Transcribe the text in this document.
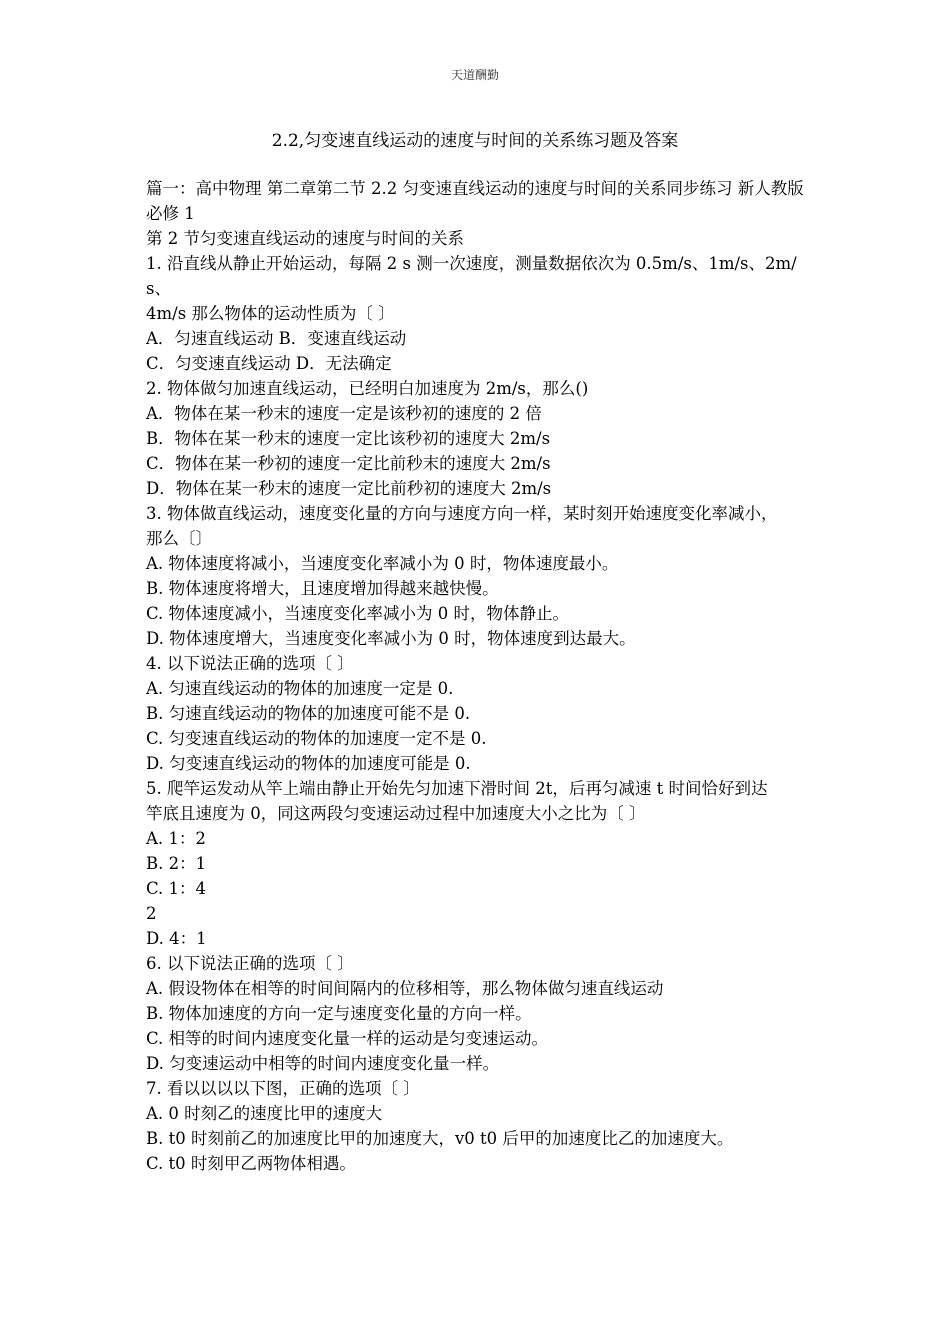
天道酬勤
2.2,匀变速直线运动的速度与时间的关系练习题及答案

篇一：高中物理 第二章第二节 2.2 匀变速直线运动的速度与时间的关系同步练习 新人教版必修 1

第 2 节匀变速直线运动的速度与时间的关系

1. 沿直线从静止开始运动，每隔 2 s 测一次速度，测量数据依次为 0.5m/s、1m/s、2m/s、

4m/s 那么物体的运动性质为〔 〕

A．匀速直线运动 B．变速直线运动

C．匀变速直线运动 D．无法确定

2. 物体做匀加速直线运动，已经明白加速度为 2m/s，那么()

A．物体在某一秒末的速度一定是该秒初的速度的 2 倍

B．物体在某一秒末的速度一定比该秒初的速度大 2m/s

C．物体在某一秒初的速度一定比前秒末的速度大 2m/s

D．物体在某一秒末的速度一定比前秒初的速度大 2m/s

3. 物体做直线运动，速度变化量的方向与速度方向一样，某时刻开始速度变化率减小，

那么〔〕

A. 物体速度将减小，当速度变化率减小为 0 时，物体速度最小。

B. 物体速度将增大，且速度增加得越来越快慢。

C. 物体速度减小，当速度变化率减小为 0 时，物体静止。

D. 物体速度增大，当速度变化率减小为 0 时，物体速度到达最大。

4. 以下说法正确的选项〔 〕

A. 匀速直线运动的物体的加速度一定是 0.

B. 匀速直线运动的物体的加速度可能不是 0.

C. 匀变速直线运动的物体的加速度一定不是 0.

D. 匀变速直线运动的物体的加速度可能是 0.

5. 爬竿运发动从竿上端由静止开始先匀加速下滑时间 2t，后再匀减速 t 时间恰好到达

竿底且速度为 0，同这两段匀变速运动过程中加速度大小之比为〔 〕

A. 1：2

B. 2：1

C. 1：4

2

D. 4：1

6. 以下说法正确的选项〔 〕

A. 假设物体在相等的时间间隔内的位移相等，那么物体做匀速直线运动

B. 物体加速度的方向一定与速度变化量的方向一样。

C. 相等的时间内速度变化量一样的运动是匀变速运动。

D. 匀变速运动中相等的时间内速度变化量一样。

7. 看以以以以下图，正确的选项〔 〕

A. 0 时刻乙的速度比甲的速度大

B. t0 时刻前乙的加速度比甲的加速度大，v0 t0 后甲的加速度比乙的加速度大。

C. t0 时刻甲乙两物体相遇。
